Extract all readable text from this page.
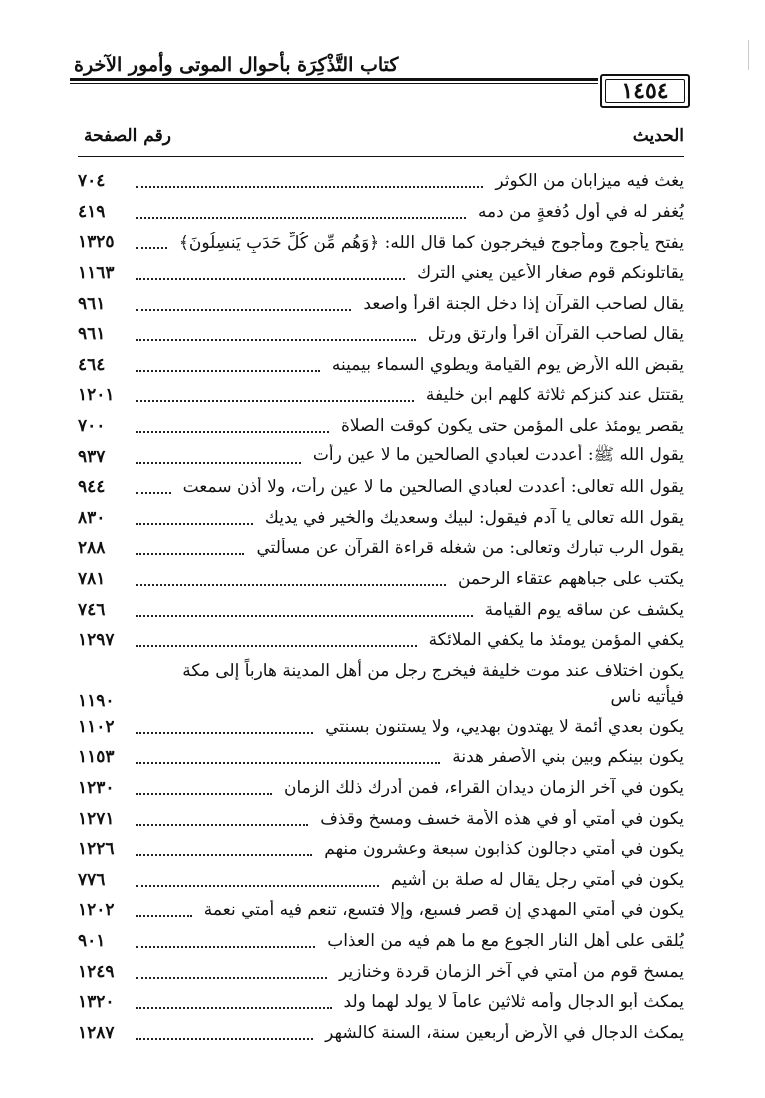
كتاب التَّذْكِرَة بأحوال الموتى وأمور الآخرة
١٤٥٤
الحديث
رقم الصفحة
يغث فيه ميزابان من الكوثر
٧٠٤
يُغفر له في أول دُفعةٍ من دمه
٤١٩
يفتح يأجوج ومأجوج فيخرجون كما قال الله: ﴿وَهُم مِّن كُلِّ حَدَبٍ يَنسِلُونَ﴾
١٣٢٥
يقاتلونكم قوم صغار الأعين يعني الترك
١١٦٣
يقال لصاحب القرآن إذا دخل الجنة اقرأ واصعد
٩٦١
يقال لصاحب القرآن اقرأ وارتق ورتل
٩٦١
يقبض الله الأرض يوم القيامة ويطوي السماء بيمينه
٤٦٤
يقتتل عند كنزكم ثلاثة كلهم ابن خليفة
١٢٠١
يقصر يومئذ على المؤمن حتى يكون كوقت الصلاة
٧٠٠
يقول الله ﷺ: أعددت لعبادي الصالحين ما لا عين رأت
٩٣٧
يقول الله تعالى: أعددت لعبادي الصالحين ما لا عين رأت، ولا أذن سمعت
٩٤٤
يقول الله تعالى يا آدم فيقول: لبيك وسعديك والخير في يديك
٨٣٠
يقول الرب تبارك وتعالى: من شغله قراءة القرآن عن مسألتي
٢٨٨
يكتب على جباههم عتقاء الرحمن
٧٨١
يكشف عن ساقه يوم القيامة
٧٤٦
يكفي المؤمن يومئذ ما يكفي الملائكة
١٢٩٧
يكون اختلاف عند موت خليفة فيخرج رجل من أهل المدينة هارباً إلى مكة فيأتيه ناس
١١٩٠
يكون بعدي أئمة لا يهتدون بهديي، ولا يستنون بسنتي
١١٠٢
يكون بينكم وبين بني الأصفر هدنة
١١٥٣
يكون في آخر الزمان ديدان القراء، فمن أدرك ذلك الزمان
١٢٣٠
يكون في أمتي أو في هذه الأمة خسف ومسخ وقذف
١٢٧١
يكون في أمتي دجالون كذابون سبعة وعشرون منهم
١٢٢٦
يكون في أمتي رجل يقال له صلة بن أشيم
٧٧٦
يكون في أمتي المهدي إن قصر فسبع، وإلا فتسع، تنعم فيه أمتي نعمة
١٢٠٢
يُلقى على أهل النار الجوع مع ما هم فيه من العذاب
٩٠١
يمسخ قوم من أمتي في آخر الزمان قردة وخنازير
١٢٤٩
يمكث أبو الدجال وأمه ثلاثين عاماً لا يولد لهما ولد
١٣٢٠
يمكث الدجال في الأرض أربعين سنة، السنة كالشهر
١٢٨٧
